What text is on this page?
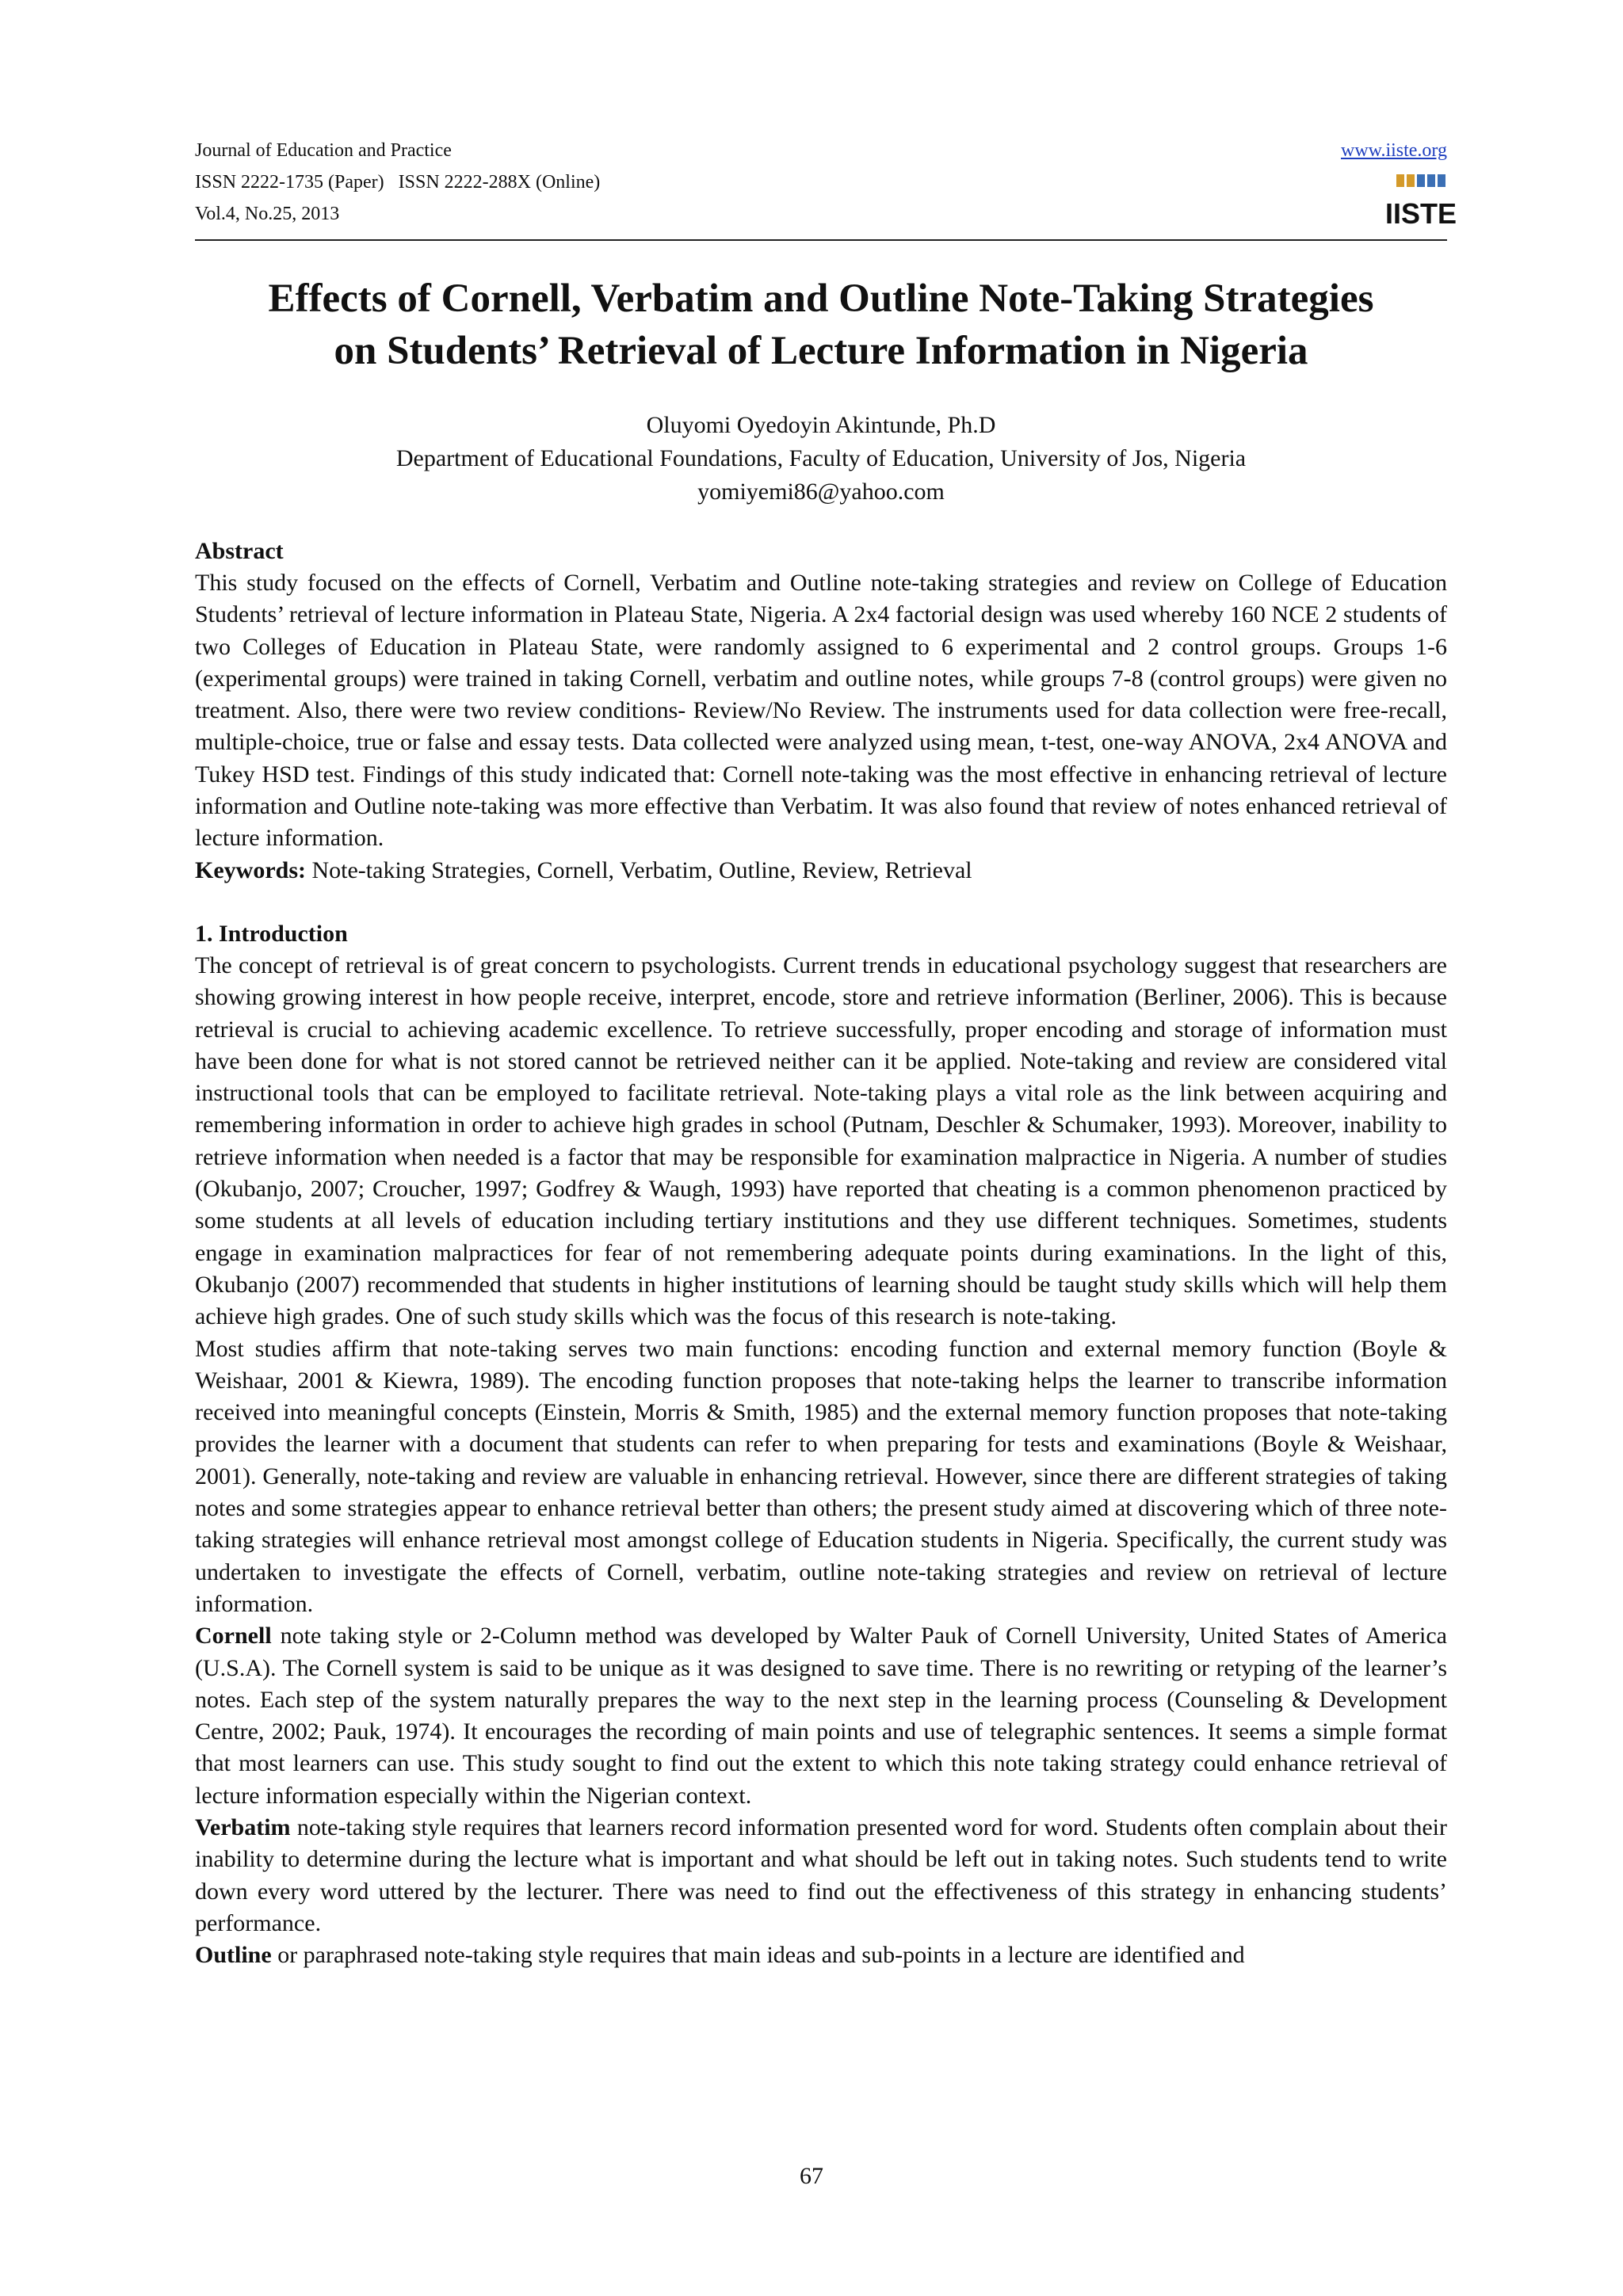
Journal of Education and Practice
ISSN 2222-1735 (Paper)   ISSN 2222-288X (Online)
Vol.4, No.25, 2013
www.iiste.org
IISTE
Effects of Cornell, Verbatim and Outline Note-Taking Strategies
on Students’ Retrieval of Lecture Information in Nigeria
Oluyomi Oyedoyin Akintunde, Ph.D
Department of Educational Foundations, Faculty of Education, University of Jos, Nigeria
yomiyemi86@yahoo.com
Abstract

This study focused on the effects of Cornell, Verbatim and Outline note-taking strategies and review on College of Education Students’ retrieval of lecture information in Plateau State, Nigeria. A 2x4 factorial design was used whereby 160 NCE 2 students of two Colleges of Education in Plateau State, were randomly assigned to 6 experimental and 2 control groups. Groups 1-6 (experimental groups) were trained in taking Cornell, verbatim and outline notes, while groups 7-8 (control groups) were given no treatment. Also, there were two review conditions- Review/No Review. The instruments used for data collection were free-recall, multiple-choice, true or false and essay tests. Data collected were analyzed using mean, t-test, one-way ANOVA, 2x4 ANOVA and Tukey HSD test. Findings of this study indicated that: Cornell note-taking was the most effective in enhancing retrieval of lecture information and Outline note-taking was more effective than Verbatim. It was also found that review of notes enhanced retrieval of lecture information.

Keywords: Note-taking Strategies, Cornell, Verbatim, Outline, Review, Retrieval

1. Introduction

The concept of retrieval is of great concern to psychologists. Current trends in educational psychology suggest that researchers are showing growing interest in how people receive, interpret, encode, store and retrieve information (Berliner, 2006). This is because retrieval is crucial to achieving academic excellence. To retrieve successfully, proper encoding and storage of information must have been done for what is not stored cannot be retrieved neither can it be applied. Note-taking and review are considered vital instructional tools that can be employed to facilitate retrieval. Note-taking plays a vital role as the link between acquiring and remembering information in order to achieve high grades in school (Putnam, Deschler & Schumaker, 1993). Moreover, inability to retrieve information when needed is a factor that may be responsible for examination malpractice in Nigeria. A number of studies (Okubanjo, 2007; Croucher, 1997; Godfrey & Waugh, 1993) have reported that cheating is a common phenomenon practiced by some students at all levels of education including tertiary institutions and they use different techniques. Sometimes, students engage in examination malpractices for fear of not remembering adequate points during examinations. In the light of this, Okubanjo (2007) recommended that students in higher institutions of learning should be taught study skills which will help them achieve high grades. One of such study skills which was the focus of this research is note-taking.

Most studies affirm that note-taking serves two main functions: encoding function and external memory function (Boyle & Weishaar, 2001 & Kiewra, 1989). The encoding function proposes that note-taking helps the learner to transcribe information received into meaningful concepts (Einstein, Morris & Smith, 1985) and the external memory function proposes that note-taking provides the learner with a document that students can refer to when preparing for tests and examinations (Boyle & Weishaar, 2001). Generally, note-taking and review are valuable in enhancing retrieval. However, since there are different strategies of taking notes and some strategies appear to enhance retrieval better than others; the present study aimed at discovering which of three note-taking strategies will enhance retrieval most amongst college of Education students in Nigeria. Specifically, the current study was undertaken to investigate the effects of Cornell, verbatim, outline note-taking strategies and review on retrieval of lecture information.

Cornell note taking style or 2-Column method was developed by Walter Pauk of Cornell University, United States of America (U.S.A). The Cornell system is said to be unique as it was designed to save time. There is no rewriting or retyping of the learner’s notes. Each step of the system naturally prepares the way to the next step in the learning process (Counseling & Development Centre, 2002; Pauk, 1974). It encourages the recording of main points and use of telegraphic sentences. It seems a simple format that most learners can use. This study sought to find out the extent to which this note taking strategy could enhance retrieval of lecture information especially within the Nigerian context.

Verbatim note-taking style requires that learners record information presented word for word. Students often complain about their inability to determine during the lecture what is important and what should be left out in taking notes. Such students tend to write down every word uttered by the lecturer. There was need to find out the effectiveness of this strategy in enhancing students’ performance.

Outline or paraphrased note-taking style requires that main ideas and sub-points in a lecture are identified and

67
